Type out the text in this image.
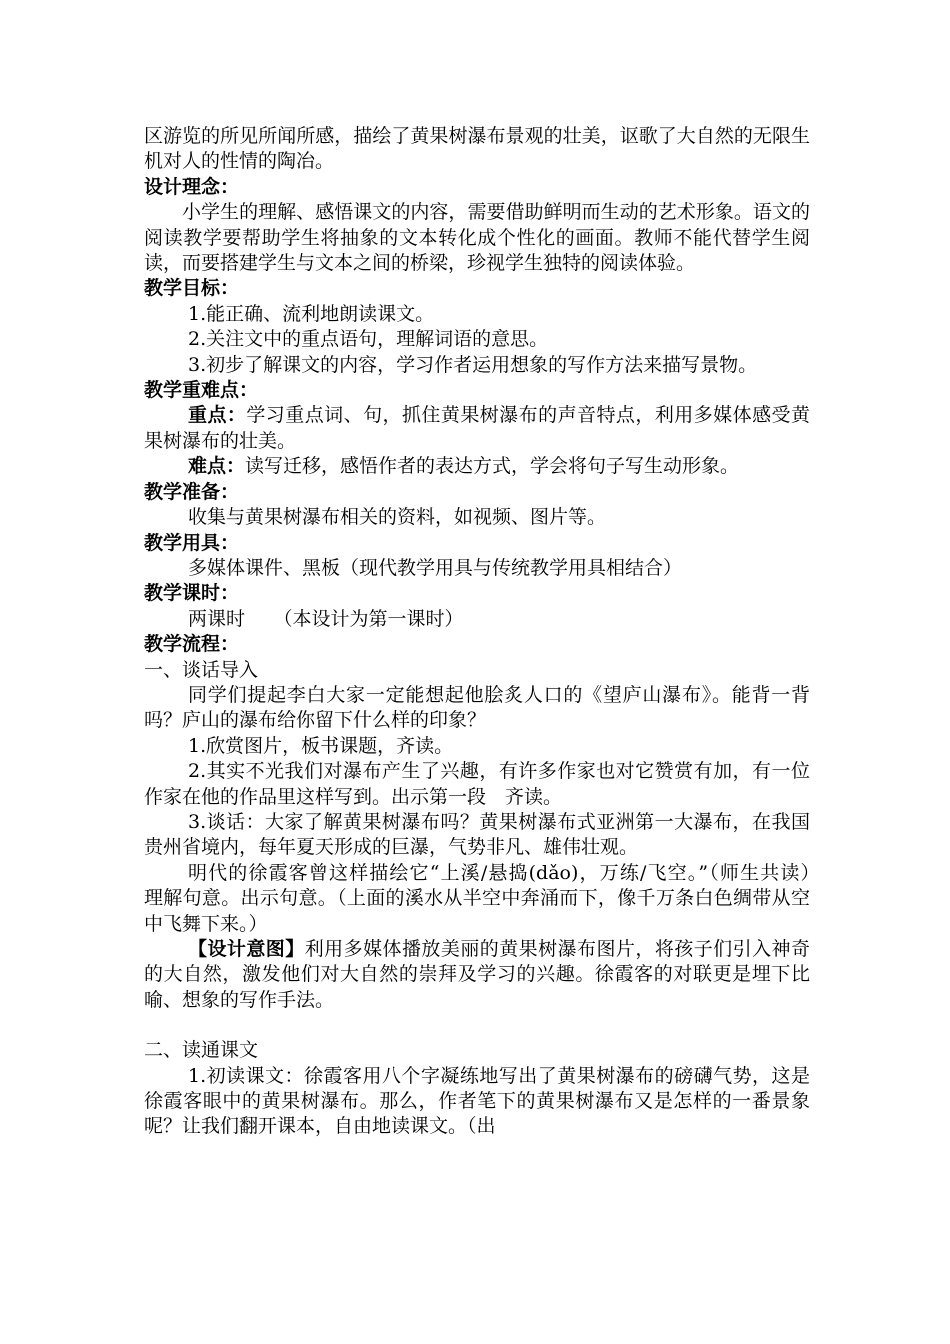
区游览的所见所闻所感，描绘了黄果树瀑布景观的壮美，讴歌了大自然的无限生机对人的性情的陶冶。

设计理念：

小学生的理解、感悟课文的内容，需要借助鲜明而生动的艺术形象。语文的阅读教学要帮助学生将抽象的文本转化成个性化的画面。教师不能代替学生阅读，而要搭建学生与文本之间的桥梁，珍视学生独特的阅读体验。

教学目标：

1.能正确、流利地朗读课文。

2.关注文中的重点语句，理解词语的意思。

3.初步了解课文的内容，学习作者运用想象的写作方法来描写景物。

教学重难点：

重点：学习重点词、句，抓住黄果树瀑布的声音特点，利用多媒体感受黄果树瀑布的壮美。

难点：读写迁移，感悟作者的表达方式，学会将句子写生动形象。

教学准备：

收集与黄果树瀑布相关的资料，如视频、图片等。

教学用具：

多媒体课件、黑板（现代教学用具与传统教学用具相结合）

教学课时：

两课时　　（本设计为第一课时）

教学流程：

一、谈话导入

同学们提起李白大家一定能想起他脍炙人口的《望庐山瀑布》。能背一背吗？庐山的瀑布给你留下什么样的印象？

1.欣赏图片，板书课题，齐读。

2.其实不光我们对瀑布产生了兴趣，有许多作家也对它赞赏有加，有一位作家在他的作品里这样写到。出示第一段　齐读。

3.谈话：大家了解黄果树瀑布吗？黄果树瀑布式亚洲第一大瀑布，在我国贵州省境内，每年夏天形成的巨瀑，气势非凡、雄伟壮观。

明代的徐霞客曾这样描绘它“上溪/悬捣(dǎo)，万练/飞空。”（师生共读）　理解句意。出示句意。（上面的溪水从半空中奔涌而下，像千万条白色绸带从空中飞舞下来。）

【设计意图】利用多媒体播放美丽的黄果树瀑布图片，将孩子们引入神奇的大自然，激发他们对大自然的崇拜及学习的兴趣。徐霞客的对联更是埋下比喻、想象的写作手法。

二、读通课文

1.初读课文：徐霞客用八个字凝练地写出了黄果树瀑布的磅礴气势，这是徐霞客眼中的黄果树瀑布。那么，作者笔下的黄果树瀑布又是怎样的一番景象呢？让我们翻开课本，自由地读课文。（出
